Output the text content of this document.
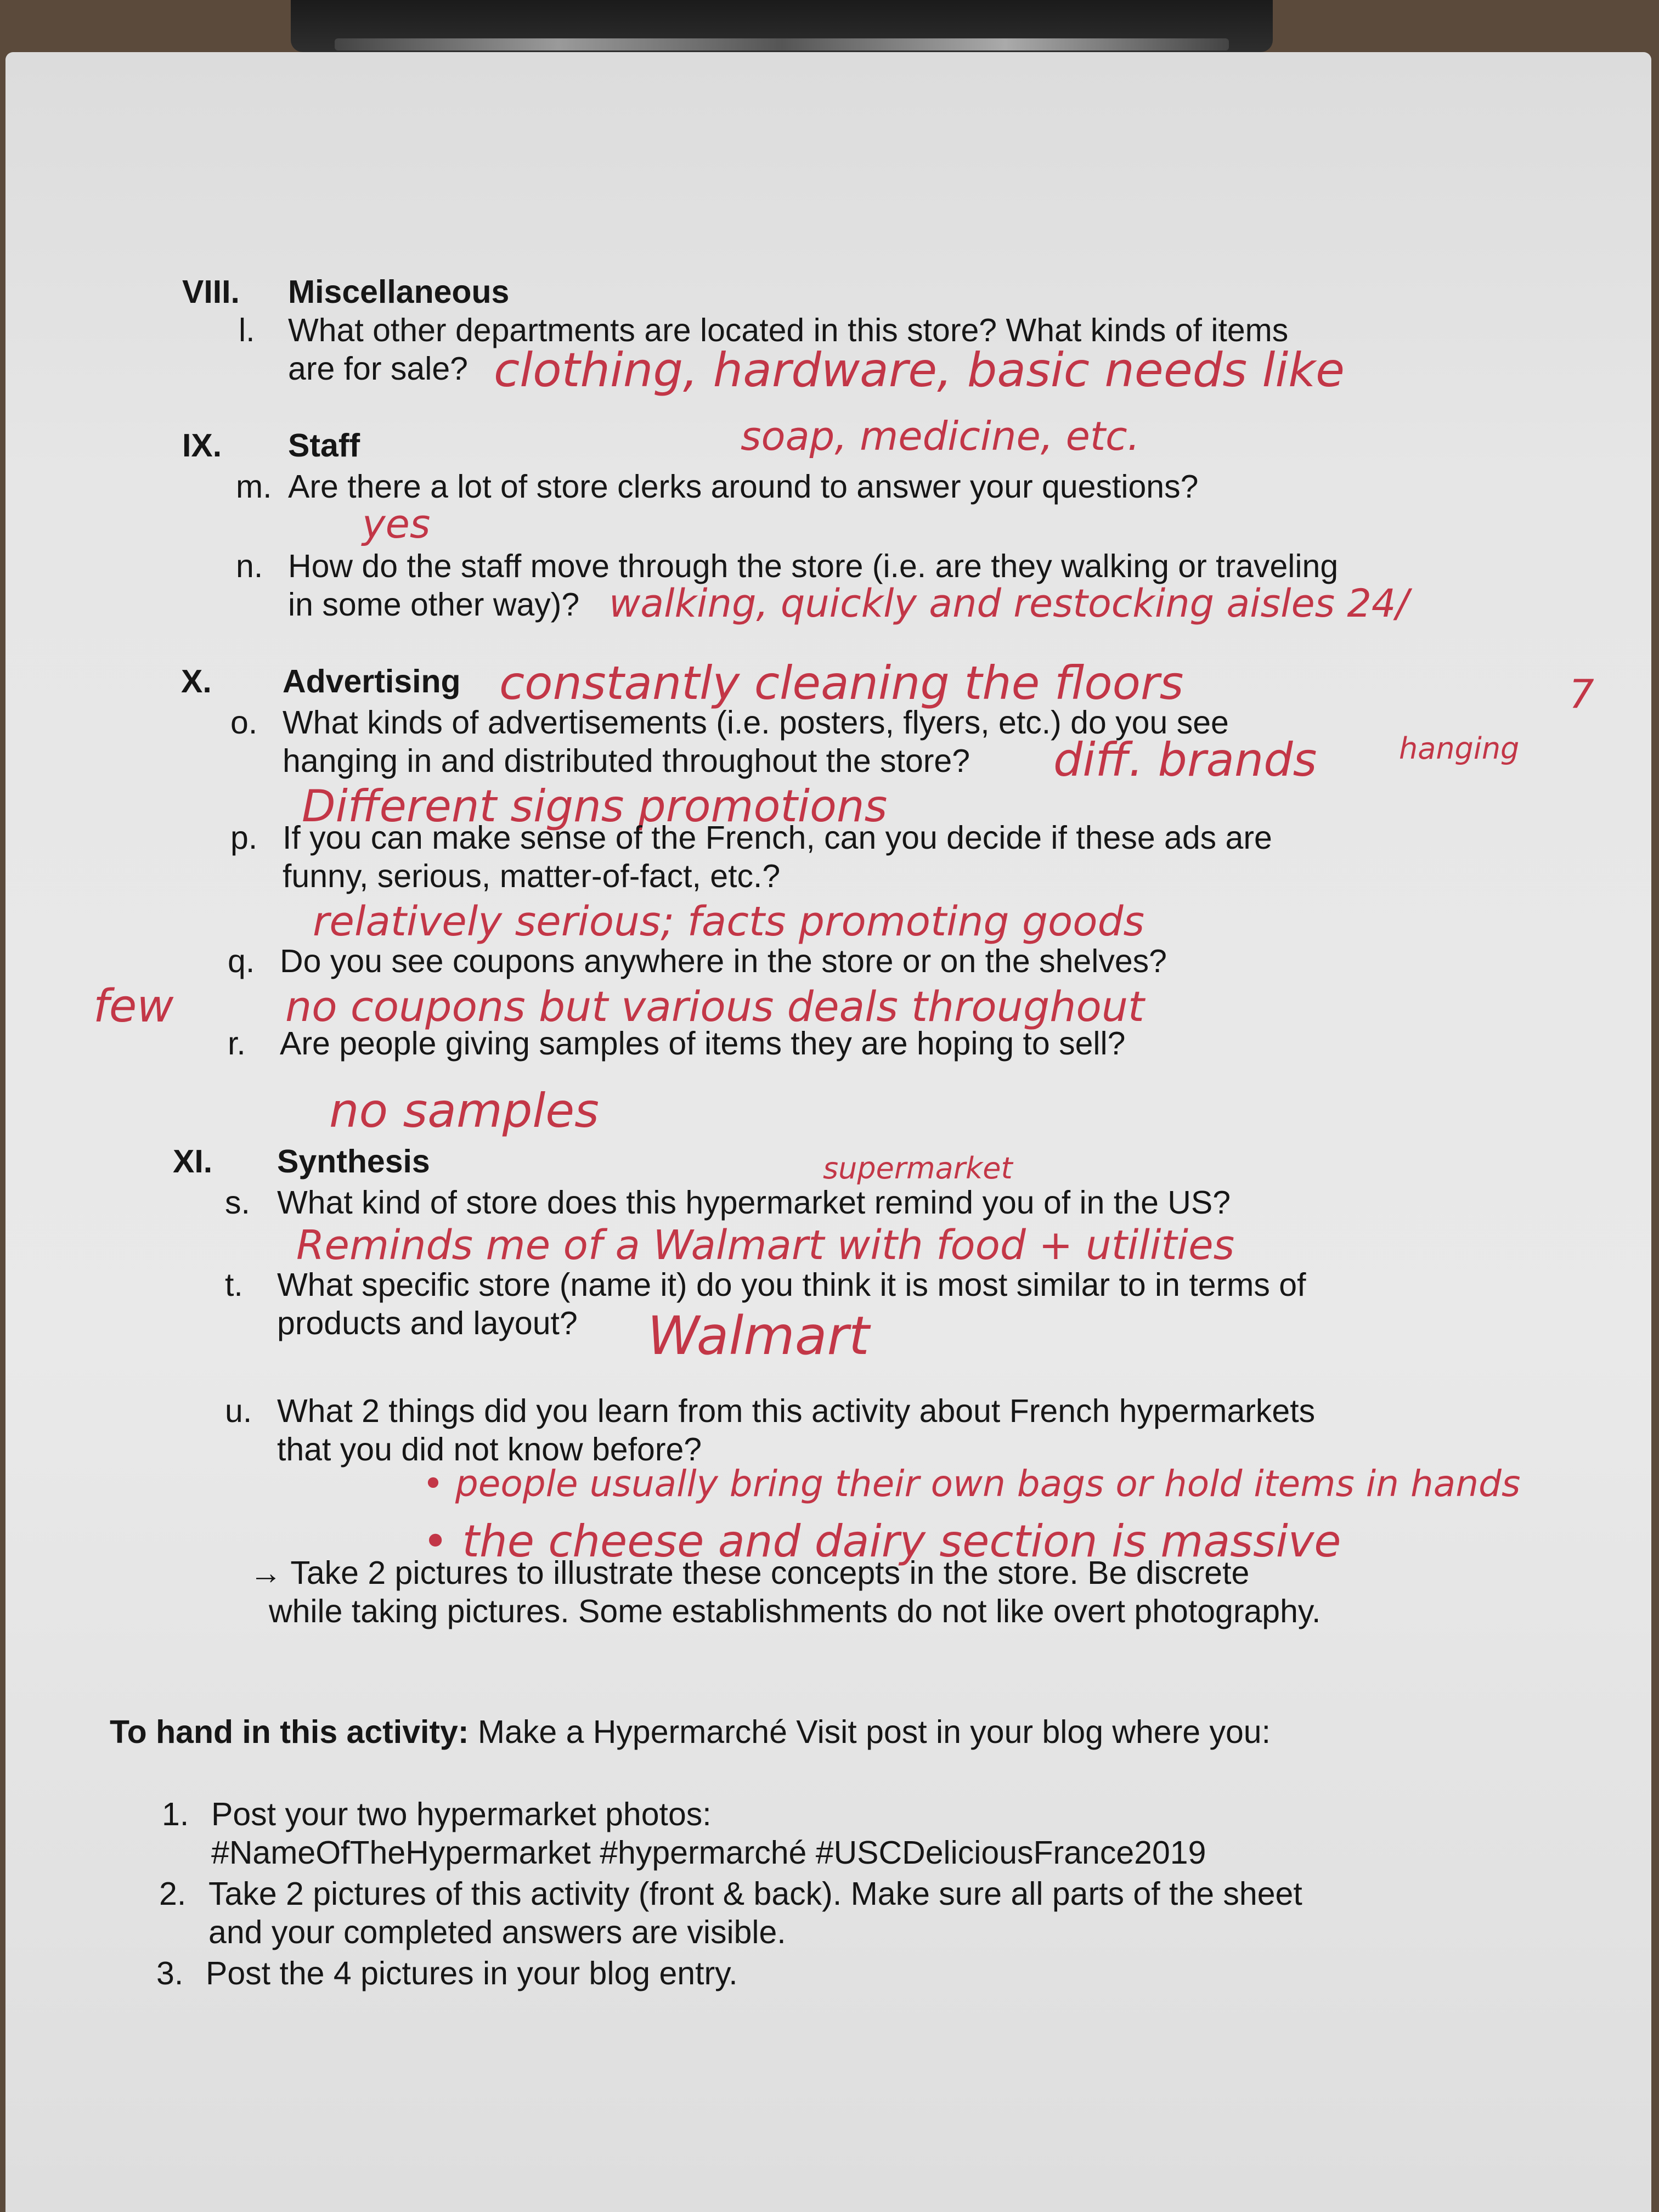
VIII. Miscellaneous
l. What other departments are located in this store? What kinds of items
are for sale? clothing, hardware, basic needs like
soap, medicine, etc.
IX. Staff
m. Are there a lot of store clerks around to answer your questions?
yes
n. How do the staff move through the store (i.e. are they walking or traveling
in some other way)? walking, quickly and restocking aisles 24/
constantly cleaning the floors	7
X. Advertising
o. What kinds of advertisements (i.e. posters, flyers, etc.) do you see
hanging in and distributed throughout the store? diff. brands	hanging
Different signs promotions
p. If you can make sense of the French, can you decide if these ads are
funny, serious, matter-of-fact, etc.?
relatively serious; facts promoting goods
q. Do you see coupons anywhere in the store or on the shelves?
few	no coupons but various deals throughout
r. Are people giving samples of items they are hoping to sell?
no samples
XI. Synthesis	supermarket
s. What kind of store does this hypermarket remind you of in the US?
Reminds me of a Walmart with food + utilities
t. What specific store (name it) do you think it is most similar to in terms of
products and layout? Walmart
u. What 2 things did you learn from this activity about French hypermarkets
that you did not know before?
• people usually bring their own bags or hold items in hands
• the cheese and dairy section is massive
→ Take 2 pictures to illustrate these concepts in the store. Be discrete
while taking pictures. Some establishments do not like overt photography.
To hand in this activity: Make a Hypermarché Visit post in your blog where you:
1. Post your two hypermarket photos:
#NameOfTheHypermarket #hypermarché #USCDeliciousFrance2019
2. Take 2 pictures of this activity (front & back). Make sure all parts of the sheet
and your completed answers are visible.
3. Post the 4 pictures in your blog entry.
